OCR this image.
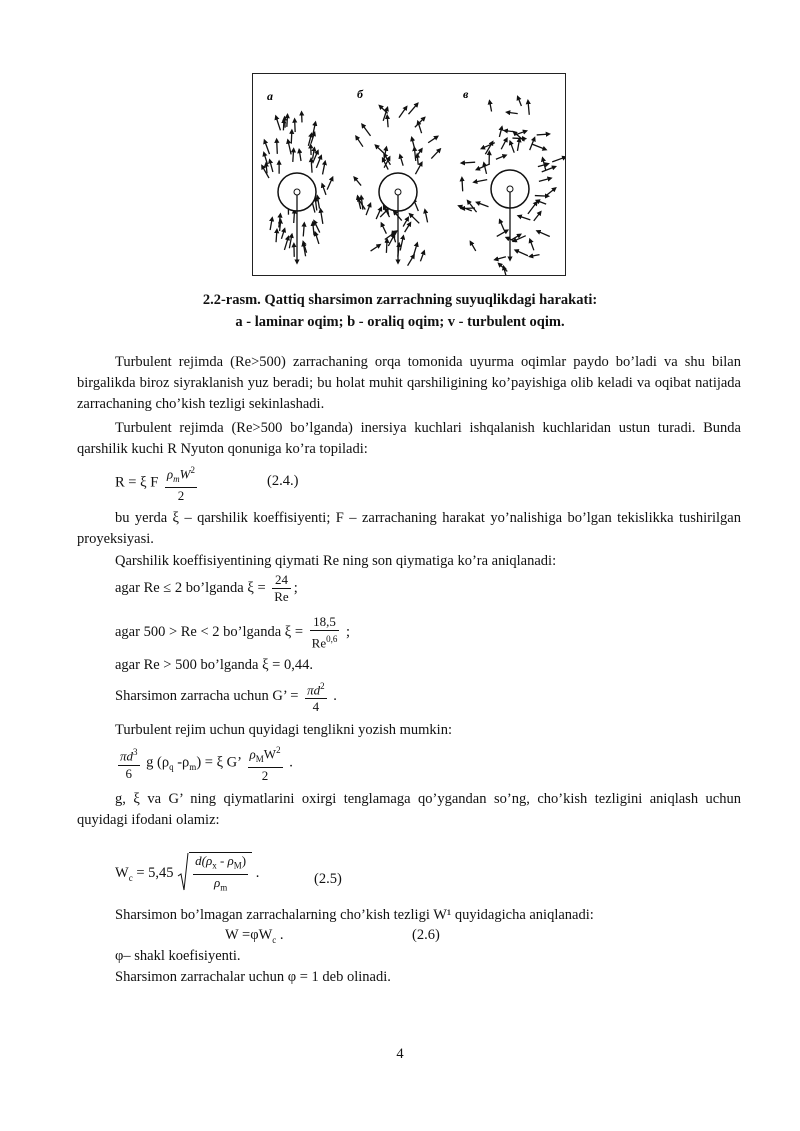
a	б	в
2.2-rasm. Qattiq sharsimon zarrachning suyuqlikdagi harakati:
a - laminar oqim; b - oraliq oqim; v - turbulent oqim.

Turbulent rejimda (Re>500) zarrachaning orqa tomonida uyurma oqimlar paydo bo’ladi va shu bilan birgalikda biroz siyraklanish yuz beradi; bu holat muhit qarshiligining ko’payishiga olib keladi va oqibat natijada zarrachaning cho’kish tezligi sekinlashadi.

Turbulent rejimda (Re>500 bo’lganda) inersiya kuchlari ishqalanish kuchlaridan ustun turadi. Bunda qarshilik kuchi R Nyuton qonuniga ko’ra topiladi:

R = ξ F $\frac{\rho_mW^2}{2}$	(2.4.)

bu yerda ξ – qarshilik koeffisiyenti; F – zarrachaning harakat yo’nalishiga bo’lgan tekislikka tushirilgan proyeksiyasi.

Qarshilik koeffisiyentining qiymati Re ning son qiymatiga ko’ra aniqlanadi:

agar Re ≤ 2 bo’lganda $\xi = \frac{24}{Re}$ ;
agar 500 > Re < 2 bo’lganda $\xi = \frac{18,5}{Re^{0,6}}$ ;
agar Re > 500 bo’lganda ξ = 0,44.
Sharsimon zarracha uchun G’ = $\frac{\pi d^2}{4}$ .

Turbulent rejim uchun quyidagi tenglikni yozish mumkin:

$\frac{\pi d^3}{6}$ g ($\rho_q$ $-\rho_m) = \xi$ G’ $\frac{\rho_MW^2}{2}$ .

g, ξ va G’ ning qiymatlarini oxirgi tenglamaga qo’ygandan so’ng, cho’kish tezligini aniqlash uchun quyidagi ifodani olamiz:

$W_c = 5,45 \frac{d(\rho_x - \rho_M)}{\rho_m}$ .	(2.5)

Sharsimon bo’lmagan zarrachalarning cho’kish tezligi W¹ quyidagicha aniqlanadi:

$W =\varphi W_c$ .	(2.6)
φ– shakl koefisiyenti.
Sharsimon zarrachalar uchun φ = 1 deb olinadi.
4
